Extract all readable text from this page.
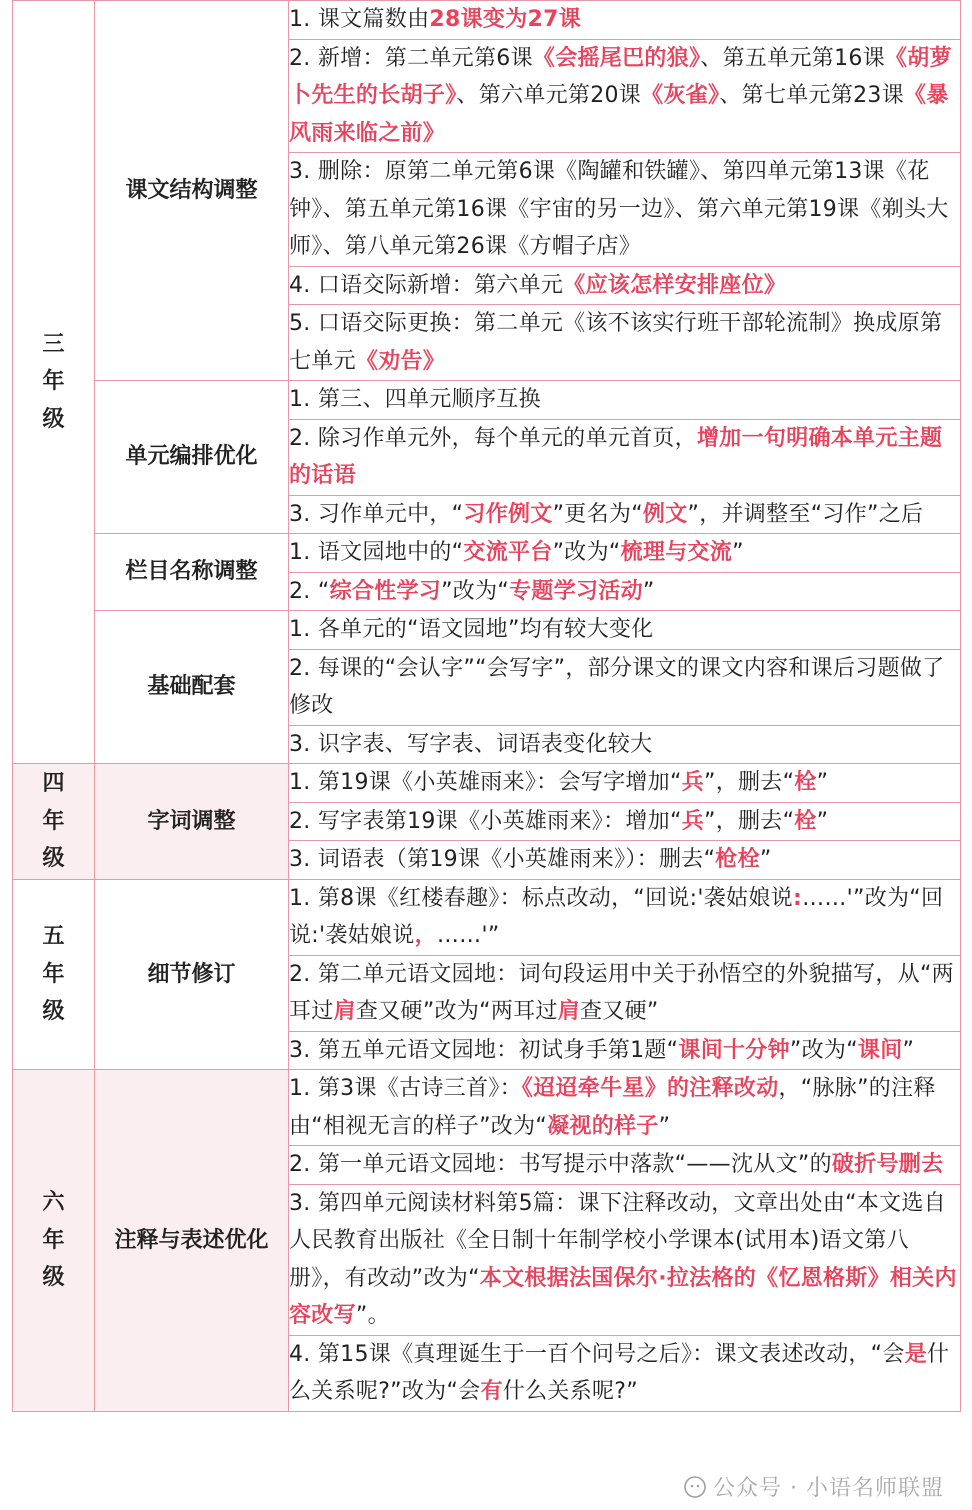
三
年
级	课文结构调整	1. 课文篇数由28课变为27课
		2. 新增：第二单元第6课《会摇尾巴的狼》、第五单元第16课《胡萝卜先生的长胡子》、第六单元第20课《灰雀》、第七单元第23课《暴风雨来临之前》
		3. 删除：原第二单元第6课《陶罐和铁罐》、第四单元第13课《花钟》、第五单元第16课《宇宙的另一边》、第六单元第19课《剃头大师》、第八单元第26课《方帽子店》
		4. 口语交际新增：第六单元《应该怎样安排座位》
		5. 口语交际更换：第二单元《该不该实行班干部轮流制》换成原第七单元《劝告》
	单元编排优化	1. 第三、四单元顺序互换
		2. 除习作单元外，每个单元的单元首页，增加一句明确本单元主题的话语
		3. 习作单元中，“习作例文”更名为“例文”，并调整至“习作”之后
	栏目名称调整	1. 语文园地中的“交流平台”改为“梳理与交流”
		2. “综合性学习”改为“专题学习活动”
	基础配套	1. 各单元的“语文园地”均有较大变化
		2. 每课的“会认字”“会写字”，部分课文的课文内容和课后习题做了修改
		3. 识字表、写字表、词语表变化较大

四
年
级	字词调整	1. 第19课《小英雄雨来》：会写字增加“兵”，删去“栓”
		2. 写字表第19课《小英雄雨来》：增加“兵”，删去“栓”
		3. 词语表（第19课《小英雄雨来》）：删去“枪栓”

五
年
级	细节修订	1. 第8课《红楼春趣》：标点改动，“回说:'袭姑娘说:……'”改为“回说:'袭姑娘说，……'”
		2. 第二单元语文园地：词句段运用中关于孙悟空的外貌描写，从“两耳过肩查又硬”改为“两耳过肩查又硬”
		3. 第五单元语文园地：初试身手第1题“课间十分钟”改为“课间”

六
年
级	注释与表述优化	1. 第3课《古诗三首》：《迢迢牵牛星》的注释改动，“脉脉”的注释由“相视无言的样子”改为“凝视的样子”
		2. 第一单元语文园地：书写提示中落款“——沈从文”的破折号删去
		3. 第四单元阅读材料第5篇：课下注释改动，文章出处由“本文选自人民教育出版社《全日制十年制学校小学课本(试用本)语文第八册》，有改动”改为“本文根据法国保尔·拉法格的《忆恩格斯》相关内容改写”。
		4. 第15课《真理诞生于一百个问号之后》：课文表述改动，“会是什么关系呢?”改为“会有什么关系呢?”
公众号 · 小语名师联盟
